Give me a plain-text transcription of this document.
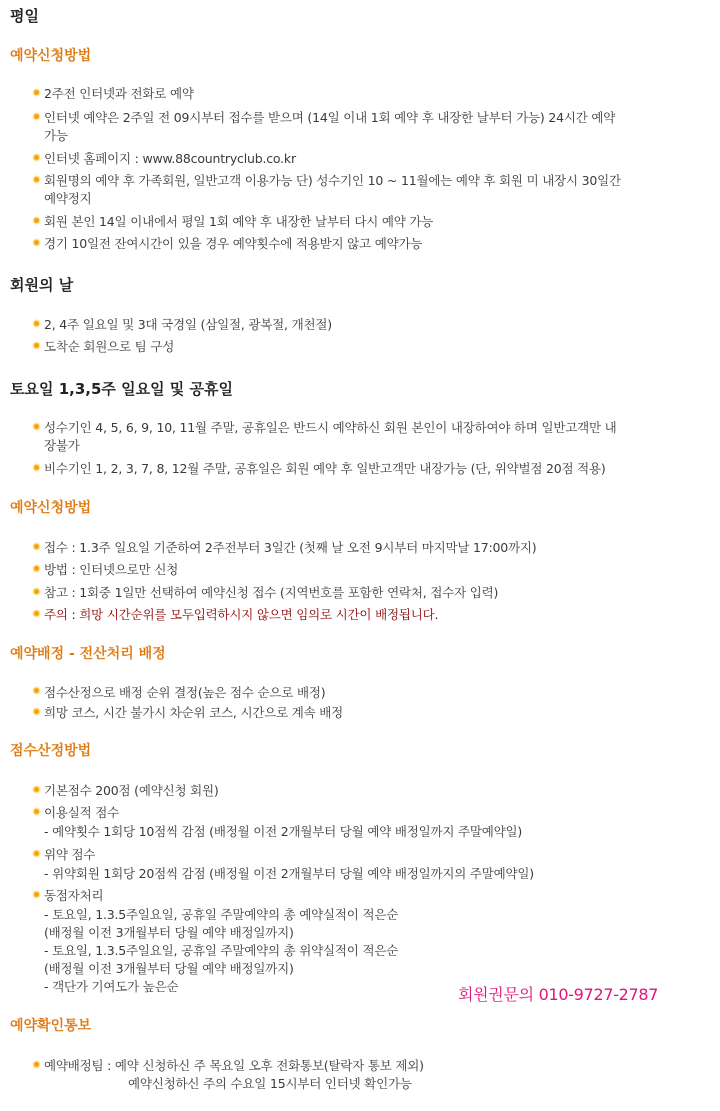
평일
예약신청방법
2주전 인터넷과 전화로 예약
인터넷 예약은 2주일 전 09시부터 접수를 받으며 (14일 이내 1회 예약 후 내장한 날부터 가능) 24시간 예약
가능
인터넷 홈페이지 : www.88countryclub.co.kr
회원명의 예약 후 가족회원, 일반고객 이용가능 단) 성수기인 10 ~ 11월에는 예약 후 회원 미 내장시 30일간
예약정지
회원 본인 14일 이내에서 평일 1회 예약 후 내장한 날부터 다시 예약 가능
경기 10일전 잔여시간이 있을 경우 예약횟수에 적용받지 않고 예약가능
회원의 날
2, 4주 일요일 및 3대 국경일 (삼일절, 광복절, 개천절)
도착순 회원으로 팀 구성
토요일 1,3,5주 일요일 및 공휴일
성수기인 4, 5, 6, 9, 10, 11월 주말, 공휴일은 반드시 예약하신 회원 본인이 내장하여야 하며 일반고객만 내
장불가
비수기인 1, 2, 3, 7, 8, 12월 주말, 공휴일은 회원 예약 후 일반고객만 내장가능 (단, 위약벌점 20점 적용)
예약신청방법
접수 : 1.3주 일요일 기준하여 2주전부터 3일간 (첫째 날 오전 9시부터 마지막날 17:00까지)
방법 : 인터넷으로만 신청
참고 : 1회중 1일만 선택하여 예약신청 접수 (지역번호를 포함한 연락처, 접수자 입력)
주의 : 희망 시간순위를 모두입력하시지 않으면 임의로 시간이 배정됩니다.
예약배정 - 전산처리 배정
점수산정으로 배정 순위 결정(높은 점수 순으로 배정)
희망 코스, 시간 불가시 차순위 코스, 시간으로 계속 배정
점수산정방법
기본점수 200점 (예약신청 회원)
이용실적 점수
- 예약횟수 1회당 10점씩 감점 (배정월 이전 2개월부터 당월 예약 배정일까지 주말예약일)
위약 점수
- 위약회원 1회당 20점씩 감점 (배정월 이전 2개월부터 당월 예약 배정일까지의 주말예약일)
동점자처리
- 토요일, 1.3.5주일요일, 공휴일 주말예약의 총 예약실적이 적은순
(배정월 이전 3개월부터 당월 예약 배정일까지)
- 토요일, 1.3.5주일요일, 공휴일 주말예약의 총 위약실적이 적은순
(배정월 이전 3개월부터 당월 예약 배정일까지)
- 객단가 기여도가 높은순	회원권문의 010-9727-2787
예약확인통보
예약배정팀 : 예약 신청하신 주 목요일 오후 전화통보(탈락자 통보 제외)
예약신청하신 주의 수요일 15시부터 인터넷 확인가능
